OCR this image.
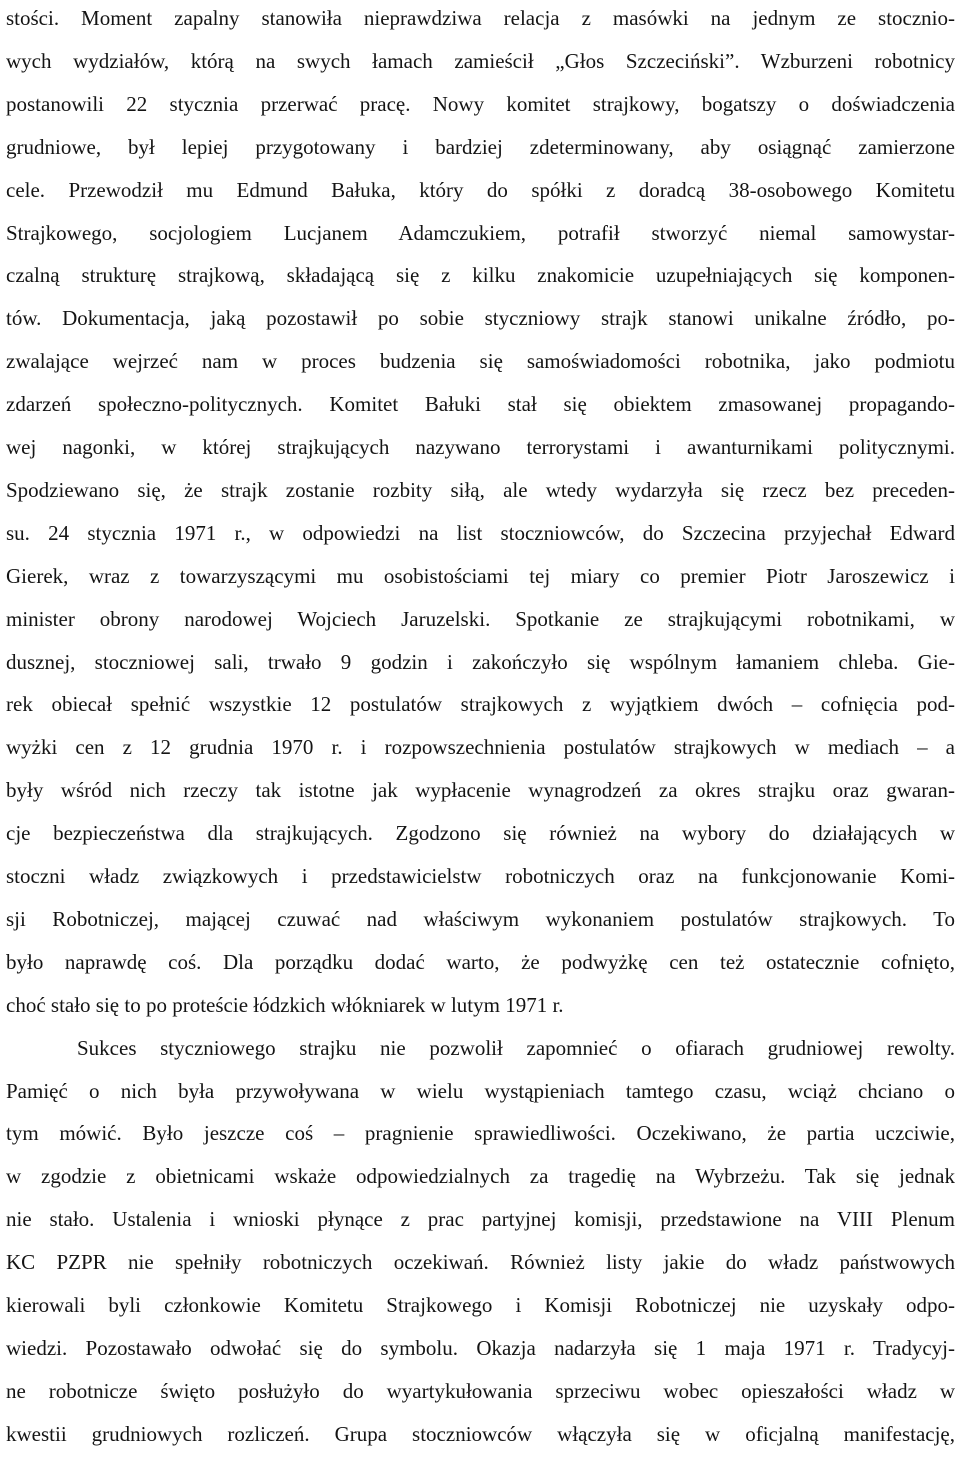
stości. Moment zapalny stanowiła nieprawdziwa relacja z masówki na jednym ze stocznio-
wych wydziałów, którą na swych łamach zamieścił „Głos Szczeciński”. Wzburzeni robotnicy
postanowili 22 stycznia przerwać pracę. Nowy komitet strajkowy, bogatszy o doświadczenia
grudniowe, był lepiej przygotowany i bardziej zdeterminowany, aby osiągnąć zamierzone
cele. Przewodził mu Edmund Bałuka, który do spółki z doradcą 38-osobowego Komitetu
Strajkowego, socjologiem Lucjanem Adamczukiem, potrafił stworzyć niemal samowystar-
czalną strukturę strajkową, składającą się z kilku znakomicie uzupełniających się komponen-
tów. Dokumentacja, jaką pozostawił po sobie styczniowy strajk stanowi unikalne źródło, po-
zwalające wejrzeć nam w proces budzenia się samoświadomości robotnika, jako podmiotu
zdarzeń społeczno-politycznych. Komitet Bałuki stał się obiektem zmasowanej propagando-
wej nagonki, w której strajkujących nazywano terrorystami i awanturnikami politycznymi.
Spodziewano się, że strajk zostanie rozbity siłą, ale wtedy wydarzyła się rzecz bez preceden-
su. 24 stycznia 1971 r., w odpowiedzi na list stoczniowców, do Szczecina przyjechał Edward
Gierek, wraz z towarzyszącymi mu osobistościami tej miary co premier Piotr Jaroszewicz i
minister obrony narodowej Wojciech Jaruzelski. Spotkanie ze strajkującymi robotnikami, w
dusznej, stoczniowej sali, trwało 9 godzin i zakończyło się wspólnym łamaniem chleba. Gie-
rek obiecał spełnić wszystkie 12 postulatów strajkowych z wyjątkiem dwóch – cofnięcia pod-
wyżki cen z 12 grudnia 1970 r. i rozpowszechnienia postulatów strajkowych w mediach – a
były wśród nich rzeczy tak istotne jak wypłacenie wynagrodzeń za okres strajku oraz gwaran-
cje bezpieczeństwa dla strajkujących. Zgodzono się również na wybory do działających w
stoczni władz związkowych i przedstawicielstw robotniczych oraz na funkcjonowanie Komi-
sji Robotniczej, mającej czuwać nad właściwym wykonaniem postulatów strajkowych. To
było naprawdę coś. Dla porządku dodać warto, że podwyżkę cen też ostatecznie cofnięto,
choć stało się to po proteście łódzkich włókniarek w lutym 1971 r.
Sukces styczniowego strajku nie pozwolił zapomnieć o ofiarach grudniowej rewolty.
Pamięć o nich była przywoływana w wielu wystąpieniach tamtego czasu, wciąż chciano o
tym mówić. Było jeszcze coś – pragnienie sprawiedliwości. Oczekiwano, że partia uczciwie,
w zgodzie z obietnicami wskaże odpowiedzialnych za tragedię na Wybrzeżu. Tak się jednak
nie stało. Ustalenia i wnioski płynące z prac partyjnej komisji, przedstawione na VIII Plenum
KC PZPR nie spełniły robotniczych oczekiwań. Również listy jakie do władz państwowych
kierowali byli członkowie Komitetu Strajkowego i Komisji Robotniczej nie uzyskały odpo-
wiedzi. Pozostawało odwołać się do symbolu. Okazja nadarzyła się 1 maja 1971 r. Tradycyj-
ne robotnicze święto posłużyło do wyartykułowania sprzeciwu wobec opieszałości władz w
kwestii grudniowych rozliczeń. Grupa stoczniowców włączyła się w oficjalną manifestację,
